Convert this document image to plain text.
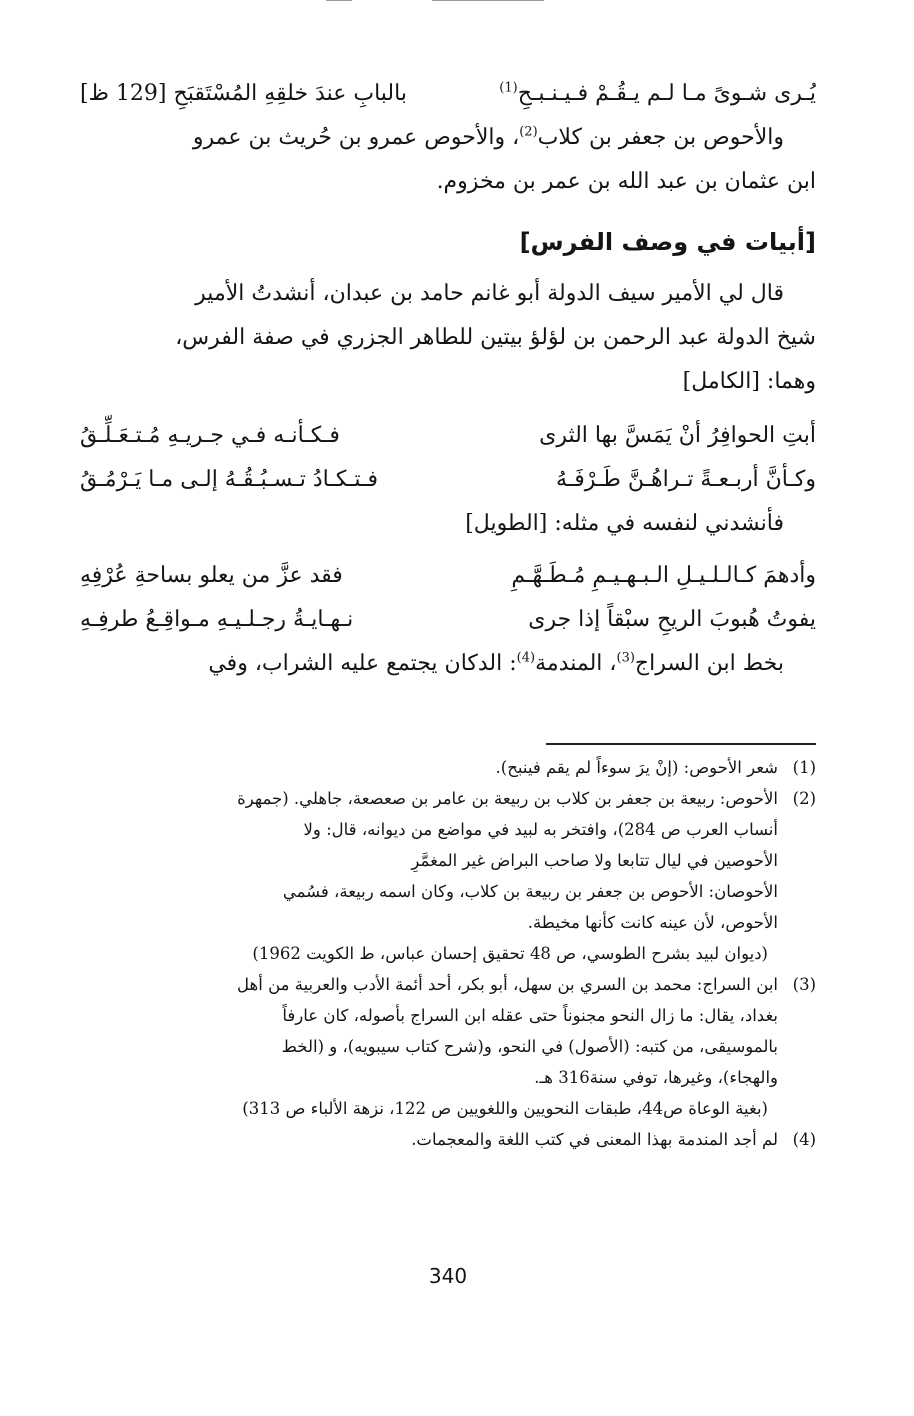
يُـرى شـوىً مـا لـم يـقُـمْ فـيـنـبـحِ$^{(1)}$
بالبابِ عندَ خلقِهِ المُسْتَقبَحِ [129 ظ]
والأحوص بن جعفر بن كلاب$^{(2)}$، والأحوص عمرو بن حُريث بن عمرو
ابن عثمان بن عبد الله بن عمر بن مخزوم.
[أبيات في وصف الفرس]
قال لي الأمير سيف الدولة أبو غانم حامد بن عبدان، أنشدتُ الأمير
شيخ الدولة عبد الرحمن بن لؤلؤ بيتين للطاهر الجزري في صفة الفرس،
وهما: [الكامل]
أبتِ الحوافِرُ أنْ يَمَسَّ بها الثرى
فـكـأنـه فـي جـريـهِ مُـتـعَـلِّـقُ
وكـأنَّ أربـعـةً تـراهُـنَّ طَـرْفَـهُ
فـتـكـادُ تـسـبُـقُـهُ إلـى مـا يَـرْمُـقُ
فأنشدني لنفسه في مثله: [الطويل]
وأدهمَ كـالـلـيـلِ الـبـهـيـمِ مُـطَـهَّـمِ
فقد عزَّ من يعلو بساحةِ عُرْفِهِ
يفوتُ هُبوبَ الريحِ سبْقاً إذا جرى
نـهـايـةُ رجـلـيـهِ مـواقِـعُ طرفِـهِ
بخط ابن السراج$^{(3)}$، المندمة$^{(4)}$: الدكان يجتمع عليه الشراب، وفي
(1)
شعر الأحوص: (إنْ يرَ سوءاً لم يقم فينبح).
(2)
الأحوص: ربيعة بن جعفر بن كلاب بن ربيعة بن عامر بن صعصعة، جاهلي. (جمهرة
أنساب العرب ص 284)، وافتخر به لبيد في مواضع من ديوانه، قال: ولا
الأحوصين في ليال تتابعا ولا صاحب البراض غير المغمَّرِ
الأحوصان: الأحوص بن جعفر بن ربيعة بن كلاب، وكان اسمه ربيعة، فسُمي
الأحوص، لأن عينه كانت كأنها مخيطة.
(ديوان لبيد بشرح الطوسي، ص 48 تحقيق إحسان عباس، ط الكويت 1962)
(3)
ابن السراج: محمد بن السري بن سهل، أبو بكر، أحد أئمة الأدب والعربية من أهل
بغداد، يقال: ما زال النحو مجنوناً حتى عقله ابن السراج بأصوله، كان عارفاً
بالموسيقى، من كتبه: (الأصول) في النحو، و(شرح كتاب سيبويه)، و (الخط
والهجاء)، وغيرها، توفي سنة316 هـ.
(بغية الوعاة ص44، طبقات النحويين واللغويين ص 122، نزهة الألباء ص 313)
(4)
لم أجد المندمة بهذا المعنى في كتب اللغة والمعجمات.
340
